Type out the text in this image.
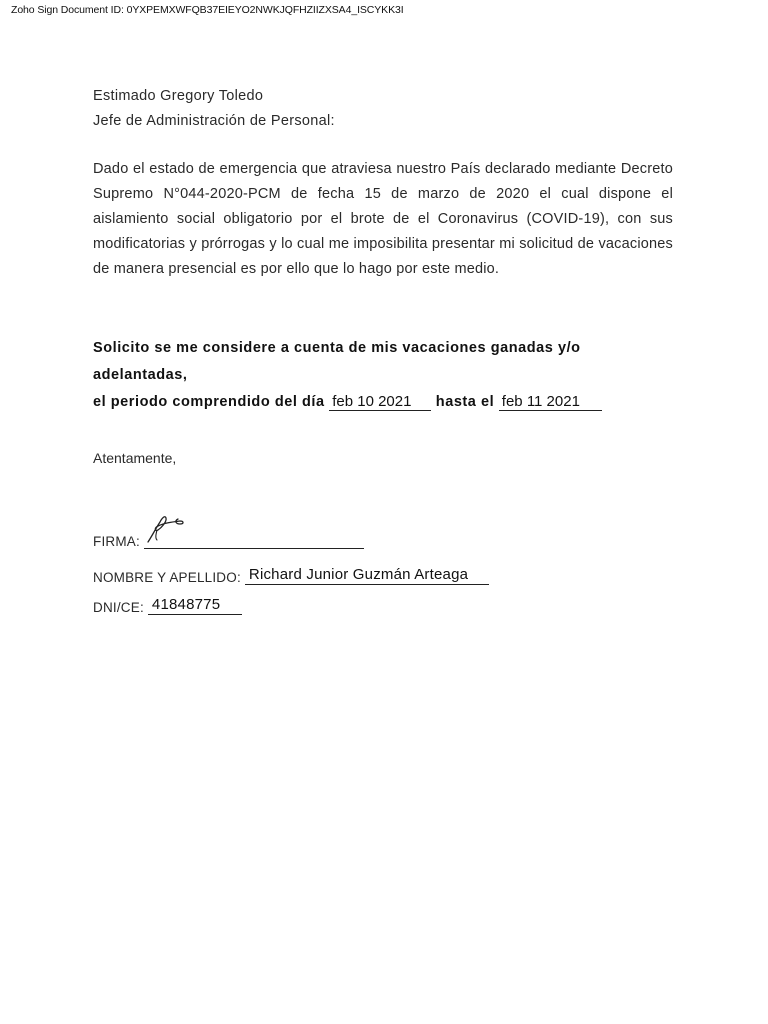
Zoho Sign Document ID: 0YXPEMXWFQB37EIEYO2NWKJQFHZIIZXSA4_ISCYKK3I
Estimado Gregory Toledo
Jefe de Administración de Personal:
Dado el estado de emergencia que atraviesa nuestro País declarado mediante Decreto Supremo N°044-2020-PCM de fecha 15 de marzo de 2020 el cual dispone el aislamiento social obligatorio por el brote de el Coronavirus (COVID-19), con sus modificatorias y prórrogas y lo cual me imposibilita presentar mi solicitud de vacaciones de manera presencial es por ello que lo hago por este medio.
Solicito se me considere a cuenta de mis vacaciones ganadas y/o adelantadas,
el periodo comprendido del día feb 10 2021 hasta el feb 11 2021
Atentamente,
FIRMA:
NOMBRE Y APELLIDO: Richard Junior Guzmán Arteaga
DNI/CE: 41848775
